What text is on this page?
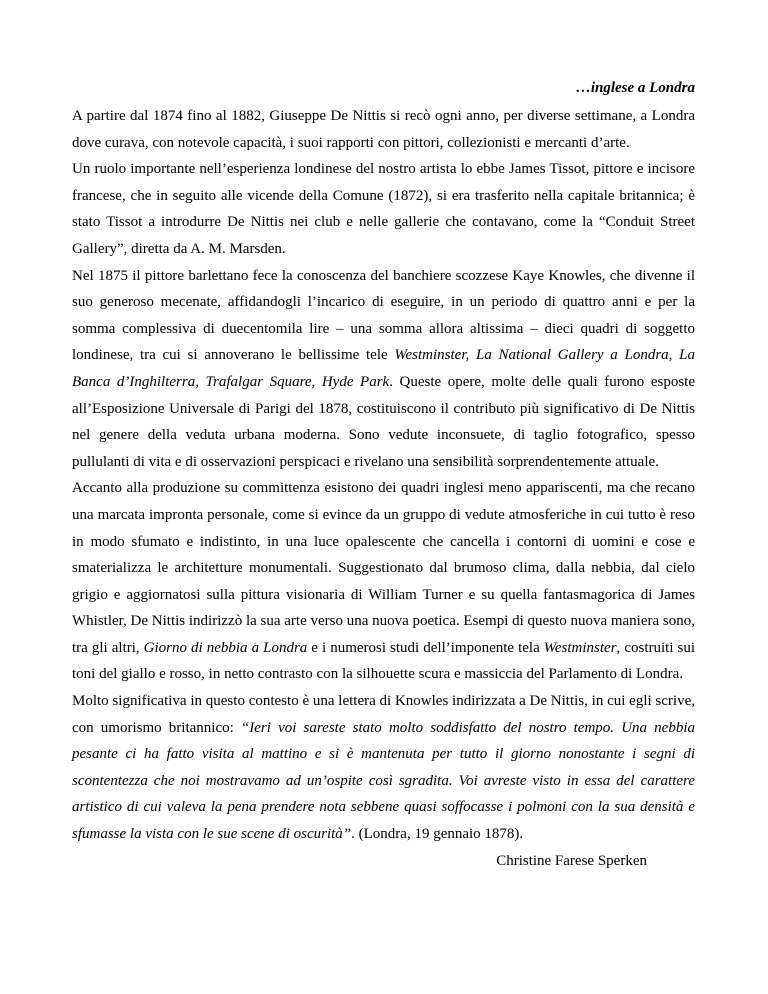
…inglese a Londra

A partire dal 1874 fino al 1882, Giuseppe De Nittis si recò ogni anno, per diverse settimane, a Londra dove curava, con notevole capacità, i suoi rapporti con pittori, collezionisti e mercanti d’arte.

Un ruolo importante nell’esperienza londinese del nostro artista lo ebbe James Tissot, pittore e incisore francese, che in seguito alle vicende della Comune (1872), si era trasferito nella capitale britannica; è stato Tissot a introdurre De Nittis nei club e nelle gallerie che contavano, come la “Conduit Street Gallery”, diretta da A. M. Marsden.

Nel 1875 il pittore barlettano fece la conoscenza del banchiere scozzese Kaye Knowles, che divenne il suo generoso mecenate, affidandogli l’incarico di eseguire, in un periodo di quattro anni e per la somma complessiva di duecentomila lire – una somma allora altissima – dieci quadri di soggetto londinese, tra cui si annoverano le bellissime tele Westminster, La National Gallery a Londra, La Banca d’Inghilterra, Trafalgar Square, Hyde Park. Queste opere, molte delle quali furono esposte all’Esposizione Universale di Parigi del 1878, costituiscono il contributo più significativo di De Nittis nel genere della veduta urbana moderna. Sono vedute inconsuete, di taglio fotografico, spesso pullulanti di vita e di osservazioni perspicaci e rivelano una sensibilità sorprendentemente attuale.

Accanto alla produzione su committenza esistono dei quadri inglesi meno appariscenti, ma che recano una marcata impronta personale, come si evince da un gruppo di vedute atmosferiche in cui tutto è reso in modo sfumato e indistinto, in una luce opalescente che cancella i contorni di uomini e cose e smaterializza le architetture monumentali. Suggestionato dal brumoso clima, dalla nebbia, dal cielo grigio e aggiornatosi sulla pittura visionaria di William Turner e su quella fantasmagorica di James Whistler, De Nittis indirizzò la sua arte verso una nuova poetica. Esempi di questo nuova maniera sono, tra gli altri, Giorno di nebbia a Londra e i numerosi studi dell’imponente tela Westminster, costruiti sui toni del giallo e rosso, in netto contrasto con la silhouette scura e massiccia del Parlamento di Londra.

Molto significativa in questo contesto è una lettera di Knowles indirizzata a De Nittis, in cui egli scrive, con umorismo britannico: “Ieri voi sareste stato molto soddisfatto del nostro tempo. Una nebbia pesante ci ha fatto visita al mattino e si è mantenuta per tutto il giorno nonostante i segni di scontentezza che noi mostravamo ad un’ospite così sgradita. Voi avreste visto in essa del carattere artistico di cui valeva la pena prendere nota sebbene quasi soffocasse i polmoni con la sua densità e sfumasse la vista con le sue scene di oscurità”. (Londra, 19 gennaio 1878).

Christine Farese Sperken
